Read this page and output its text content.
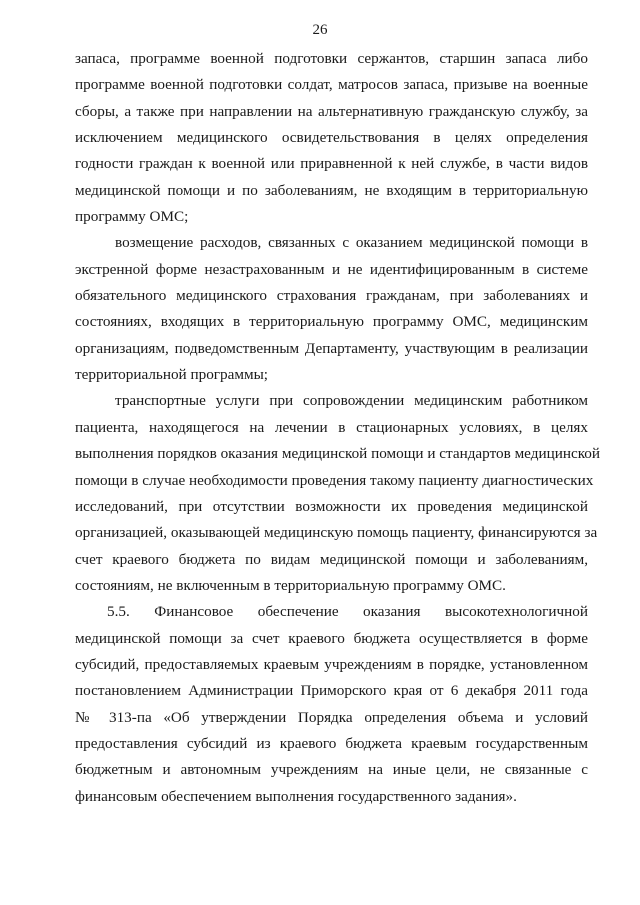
26
запаса, программе военной подготовки сержантов, старшин запаса либо
программе военной подготовки солдат, матросов запаса, призыве на военные
сборы, а также при направлении на альтернативную гражданскую службу, за
исключением медицинского освидетельствования в целях определения
годности граждан к военной или приравненной к ней службе, в части видов
медицинской помощи и по заболеваниям, не входящим в территориальную
программу ОМС;
возмещение расходов, связанных с оказанием медицинской помощи в
экстренной форме незастрахованным и не идентифицированным в системе
обязательного медицинского страхования гражданам, при заболеваниях и
состояниях, входящих в территориальную программу ОМС, медицинским
организациям, подведомственным Департаменту, участвующим в реализации
территориальной программы;
транспортные услуги при сопровождении медицинским работником
пациента, находящегося на лечении в стационарных условиях, в целях
выполнения порядков оказания медицинской помощи и стандартов медицинской
помощи в случае необходимости проведения такому пациенту диагностических
исследований, при отсутствии возможности их проведения медицинской
организацией, оказывающей медицинскую помощь пациенту, финансируются за
счет краевого бюджета по видам медицинской помощи и заболеваниям,
состояниям, не включенным в территориальную программу ОМС.
5.5. Финансовое обеспечение оказания высокотехнологичной
медицинской помощи за счет краевого бюджета осуществляется в форме
субсидий, предоставляемых краевым учреждениям в порядке, установленном
постановлением Администрации Приморского края от 6 декабря 2011 года
№ 313-па «Об утверждении Порядка определения объема и условий
предоставления субсидий из краевого бюджета краевым государственным
бюджетным и автономным учреждениям на иные цели, не связанные с
финансовым обеспечением выполнения государственного задания».
